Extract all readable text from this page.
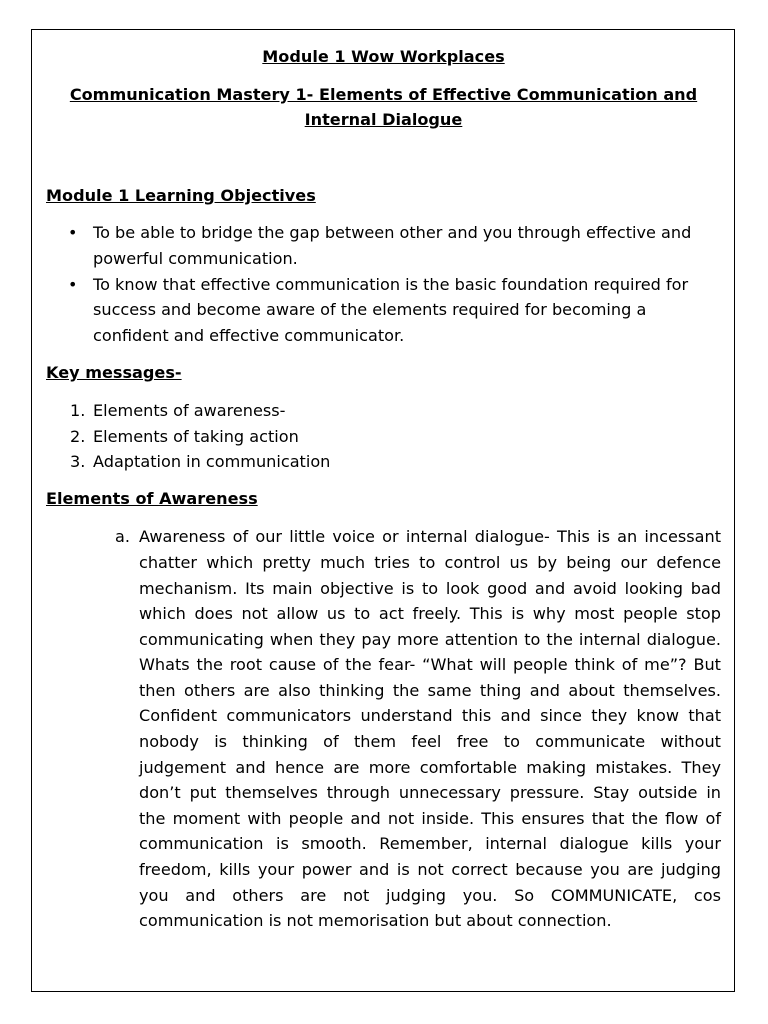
Module 1 Wow Workplaces

Communication Mastery 1- Elements of Effective Communication and Internal Dialogue

Module 1 Learning Objectives

• To be able to bridge the gap between other and you through effective and powerful communication.
• To know that effective communication is the basic foundation required for success and become aware of the elements required for becoming a confident and effective communicator.

Key messages-

1. Elements of awareness-
2. Elements of taking action
3. Adaptation in communication

Elements of Awareness

a. Awareness of our little voice or internal dialogue- This is an incessant chatter which pretty much tries to control us by being our defence mechanism. Its main objective is to look good and avoid looking bad which does not allow us to act freely. This is why most people stop communicating when they pay more attention to the internal dialogue. Whats the root cause of the fear- “What will people think of me”? But then others are also thinking the same thing and about themselves. Confident communicators understand this and since they know that nobody is thinking of them feel free to communicate without judgement and hence are more comfortable making mistakes. They don’t put themselves through unnecessary pressure. Stay outside in the moment with people and not inside. This ensures that the flow of communication is smooth. Remember, internal dialogue kills your freedom, kills your power and is not correct because you are judging you and others are not judging you. So COMMUNICATE, cos communication is not memorisation but about connection.
